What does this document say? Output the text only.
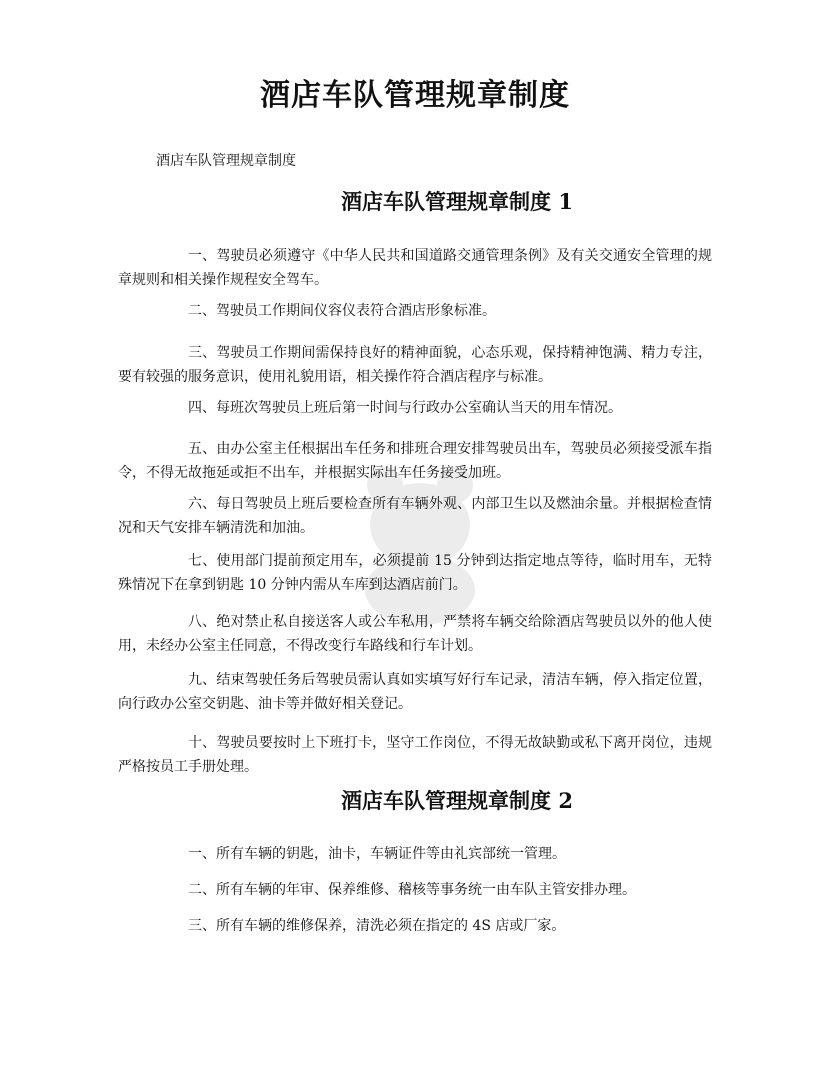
酒店车队管理规章制度

酒店车队管理规章制度

酒店车队管理规章制度 1

一、驾驶员必须遵守《中华人民共和国道路交通管理条例》及有关交通安全管理的规章规则和相关操作规程安全驾车。

二、驾驶员工作期间仪容仪表符合酒店形象标准。

三、驾驶员工作期间需保持良好的精神面貌，心态乐观，保持精神饱满、精力专注，要有较强的服务意识，使用礼貌用语，相关操作符合酒店程序与标准。

四、每班次驾驶员上班后第一时间与行政办公室确认当天的用车情况。

五、由办公室主任根据出车任务和排班合理安排驾驶员出车，驾驶员必须接受派车指令，不得无故拖延或拒不出车，并根据实际出车任务接受加班。

六、每日驾驶员上班后要检查所有车辆外观、内部卫生以及燃油余量。并根据检查情况和天气安排车辆清洗和加油。

七、使用部门提前预定用车，必须提前 15 分钟到达指定地点等待，临时用车，无特殊情况下在拿到钥匙 10 分钟内需从车库到达酒店前门。

八、绝对禁止私自接送客人或公车私用，严禁将车辆交给除酒店驾驶员以外的他人使用，未经办公室主任同意，不得改变行车路线和行车计划。

九、结束驾驶任务后驾驶员需认真如实填写好行车记录，清洁车辆，停入指定位置，向行政办公室交钥匙、油卡等并做好相关登记。

十、驾驶员要按时上下班打卡，坚守工作岗位，不得无故缺勤或私下离开岗位，违规严格按员工手册处理。

酒店车队管理规章制度 2

一、所有车辆的钥匙，油卡，车辆证件等由礼宾部统一管理。

二、所有车辆的年审、保养维修、稽核等事务统一由车队主管安排办理。

三、所有车辆的维修保养，清洗必须在指定的 4S 店或厂家。
